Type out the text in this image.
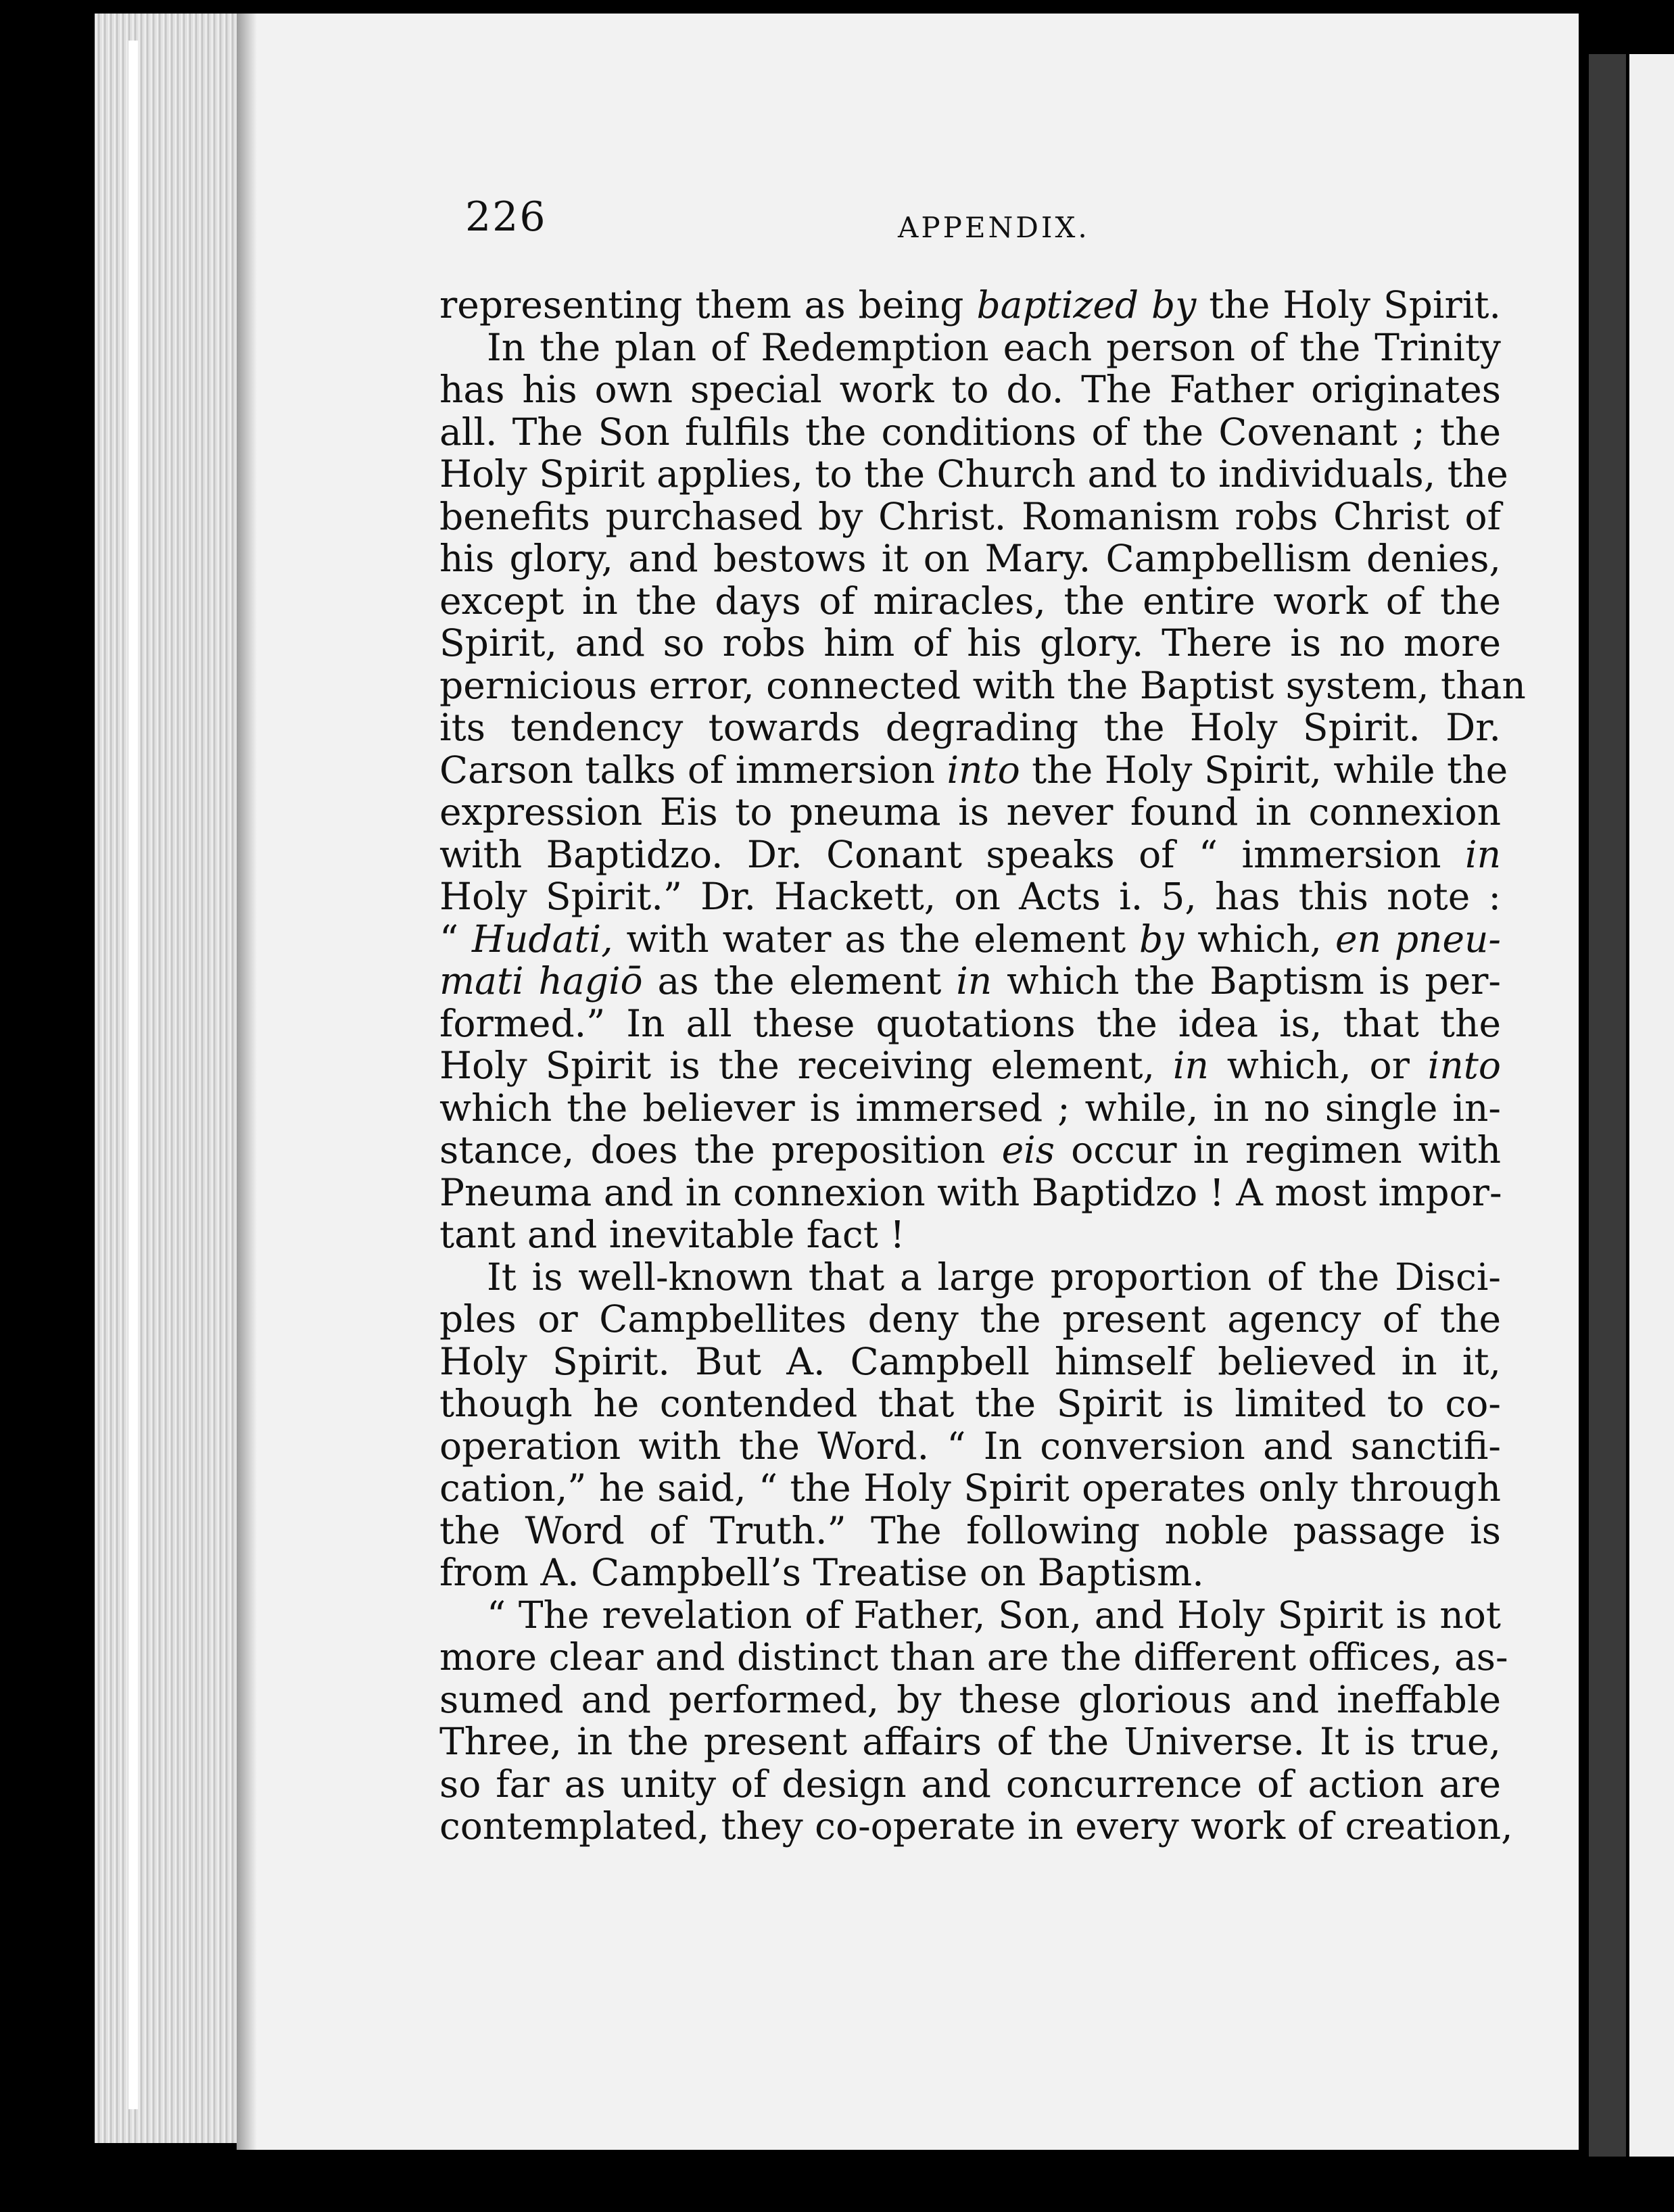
226	APPENDIX.
representing them as being baptized by the Holy Spirit.
In the plan of Redemption each person of the Trinity
has his own special work to do. The Father originates
all. The Son fulfils the conditions of the Covenant ; the
Holy Spirit applies, to the Church and to individuals, the
benefits purchased by Christ. Romanism robs Christ of
his glory, and bestows it on Mary. Campbellism denies,
except in the days of miracles, the entire work of the
Spirit, and so robs him of his glory. There is no more
pernicious error, connected with the Baptist system, than
its tendency towards degrading the Holy Spirit. Dr.
Carson talks of immersion into the Holy Spirit, while the
expression Eis to pneuma is never found in connexion
with Baptidzo. Dr. Conant speaks of “ immersion in
Holy Spirit.” Dr. Hackett, on Acts i. 5, has this note :
“ Hudati, with water as the element by which, en pneu-
mati hagiō as the element in which the Baptism is per-
formed.” In all these quotations the idea is, that the
Holy Spirit is the receiving element, in which, or into
which the believer is immersed ; while, in no single in-
stance, does the preposition eis occur in regimen with
Pneuma and in connexion with Baptidzo ! A most impor-
tant and inevitable fact !
It is well-known that a large proportion of the Disci-
ples or Campbellites deny the present agency of the
Holy Spirit. But A. Campbell himself believed in it,
though he contended that the Spirit is limited to co-
operation with the Word. “ In conversion and sanctifi-
cation,” he said, “ the Holy Spirit operates only through
the Word of Truth.” The following noble passage is
from A. Campbell’s Treatise on Baptism.
“ The revelation of Father, Son, and Holy Spirit is not
more clear and distinct than are the different offices, as-
sumed and performed, by these glorious and ineffable
Three, in the present affairs of the Universe. It is true,
so far as unity of design and concurrence of action are
contemplated, they co-operate in every work of creation,
